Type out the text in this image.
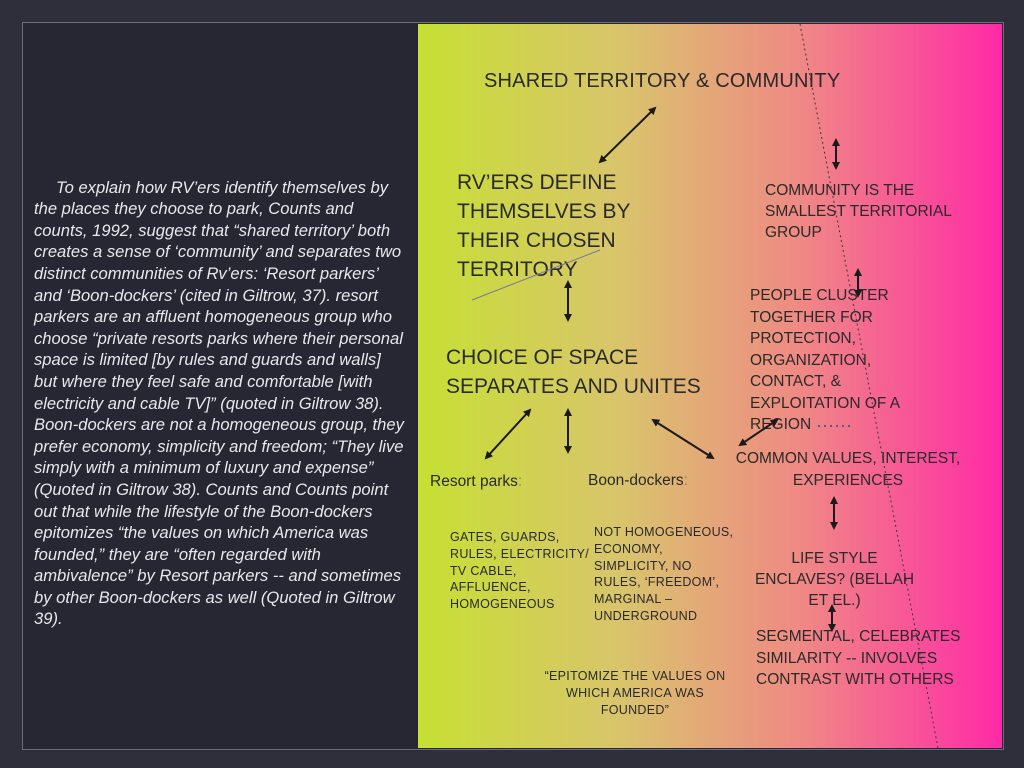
To explain how RV’ers identify themselves by the places they choose to park, Counts and counts, 1992, suggest that “shared territory’ both creates a sense of ‘community’ and separates two distinct communities of Rv’ers: ‘Resort parkers’ and ‘Boon-dockers’ (cited in Giltrow, 37). resort parkers are an affluent homogeneous group who choose “private resorts parks where their personal space is limited [by rules and guards and walls] but where they feel safe and comfortable [with electricity and cable TV]” (quoted in Giltrow 38). Boon-dockers are not a homogeneous group, they prefer economy, simplicity and freedom; “They live simply with a minimum of luxury and expense” (Quoted in Giltrow 38). Counts and Counts point out that while the lifestyle of the Boon-dockers epitomizes “the values on which America was founded,” they are “often regarded with ambivalence” by Resort parkers -- and sometimes by other Boon-dockers as well (Quoted in Giltrow 39).

SHARED TERRITORY & COMMUNITY

RV’ERS DEFINE THEMSELVES BY THEIR CHOSEN TERRITORY

CHOICE OF SPACE SEPARATES AND UNITES

COMMUNITY IS THE SMALLEST TERRITORIAL GROUP

PEOPLE CLUSTER TOGETHER FOR PROTECTION, ORGANIZATION, CONTACT, & EXPLOITATION OF A REGION

COMMON VALUES, INTEREST, EXPERIENCES

Resort parks:	Boon-dockers:

GATES, GUARDS, RULES, ELECTRICITY/ TV CABLE, AFFLUENCE, HOMOGENEOUS

NOT HOMOGENEOUS, ECONOMY, SIMPLICITY, NO RULES, ‘FREEDOM’, MARGINAL – UNDERGROUND

“EPITOMIZE THE VALUES ON WHICH AMERICA WAS FOUNDED”

LIFE STYLE ENCLAVES? (BELLAH ET EL.)

SEGMENTAL, CELEBRATES SIMILARITY -- INVOLVES CONTRAST WITH OTHERS
